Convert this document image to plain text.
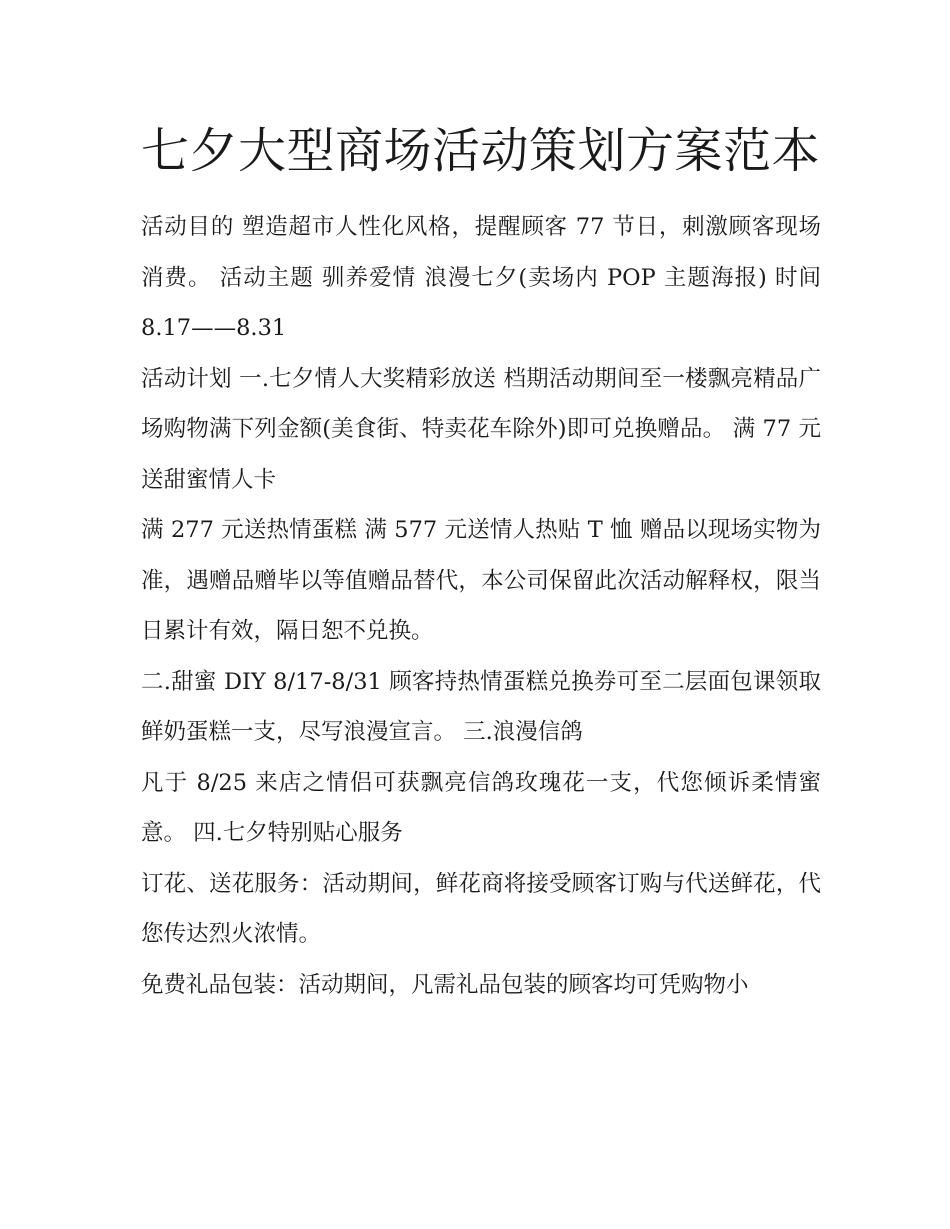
七夕大型商场活动策划方案范本

活动目的 塑造超市人性化风格，提醒顾客 77 节日，刺激顾客现场消费。 活动主题 驯养爱情 浪漫七夕(卖场内 POP 主题海报) 时间 8.17——8.31

活动计划 一.七夕情人大奖精彩放送 档期活动期间至一楼飘亮精品广场购物满下列金额(美食街、特卖花车除外)即可兑换赠品。 满 77 元送甜蜜情人卡

满 277 元送热情蛋糕 满 577 元送情人热贴 T 恤 赠品以现场实物为准，遇赠品赠毕以等值赠品替代，本公司保留此次活动解释权，限当日累计有效，隔日恕不兑换。

二.甜蜜 DIY 8/17-8/31 顾客持热情蛋糕兑换券可至二层面包课领取鲜奶蛋糕一支，尽写浪漫宣言。 三.浪漫信鸽

凡于 8/25 来店之情侣可获飘亮信鸽玫瑰花一支，代您倾诉柔情蜜意。 四.七夕特别贴心服务

订花、送花服务：活动期间，鲜花商将接受顾客订购与代送鲜花，代您传达烈火浓情。

免费礼品包装：活动期间，凡需礼品包装的顾客均可凭购物小
